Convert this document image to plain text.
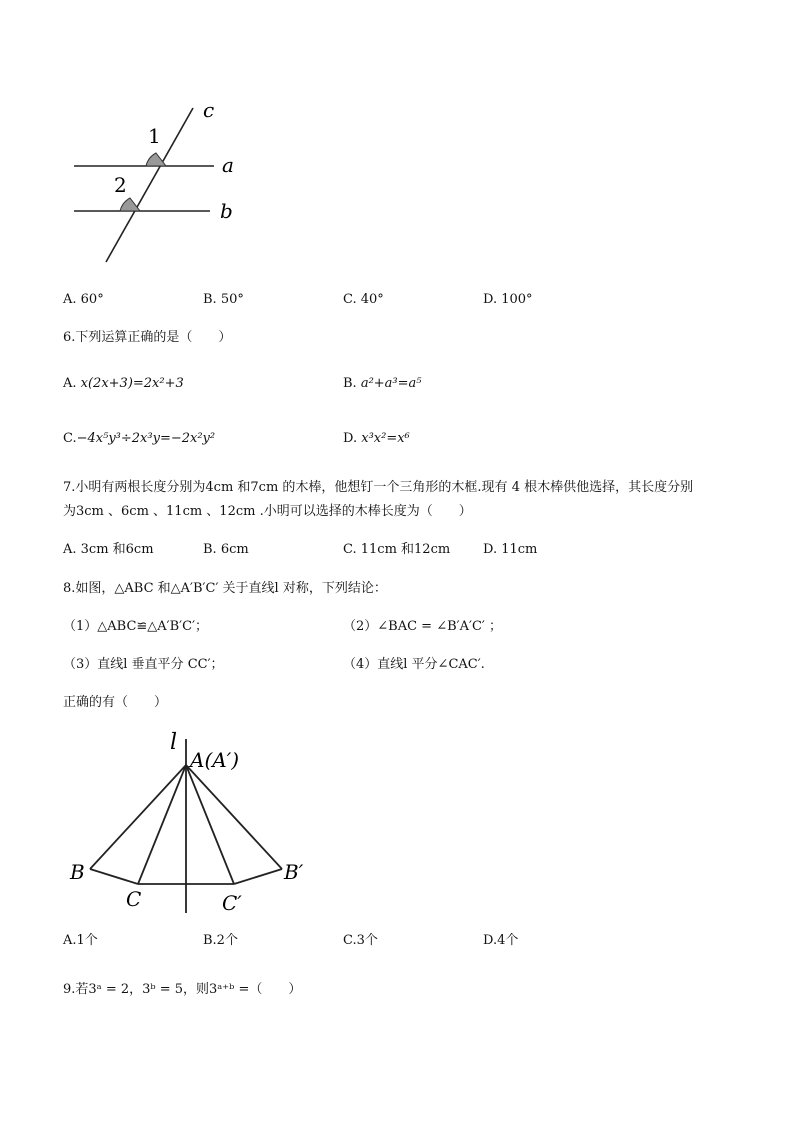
1
2
c
a
b
A. 60°	B. 50°	C. 40°	D. 100°
6.下列运算正确的是（　　）
A. x(2x+3)=2x²+3	B. a²+a³=a⁵
C.−4x⁵y³÷2x³y=−2x²y²	D. x³x²=x⁶
7.小明有两根长度分别为4cm 和7cm 的木棒，他想钉一个三角形的木框.现有 4 根木棒供他选择，其长度分别
为3cm 、6cm 、11cm 、12cm .小明可以选择的木棒长度为（　　）
A. 3cm 和6cm	B. 6cm	C. 11cm 和12cm	D. 11cm
8.如图，△ABC 和△A′B′C′ 关于直线l 对称，下列结论：
（1）△ABC≌△A′B′C′；	（2）∠BAC = ∠B′A′C′ ；
（3）直线l 垂直平分 CC′；	（4）直线l 平分∠CAC′.
正确的有（　　）
l
A(A′)
B
C	C′
B′
A.1个	B.2个	C.3个	D.4个
9.若3ᵃ = 2，3ᵇ = 5，则3ᵃ⁺ᵇ =（　　）
